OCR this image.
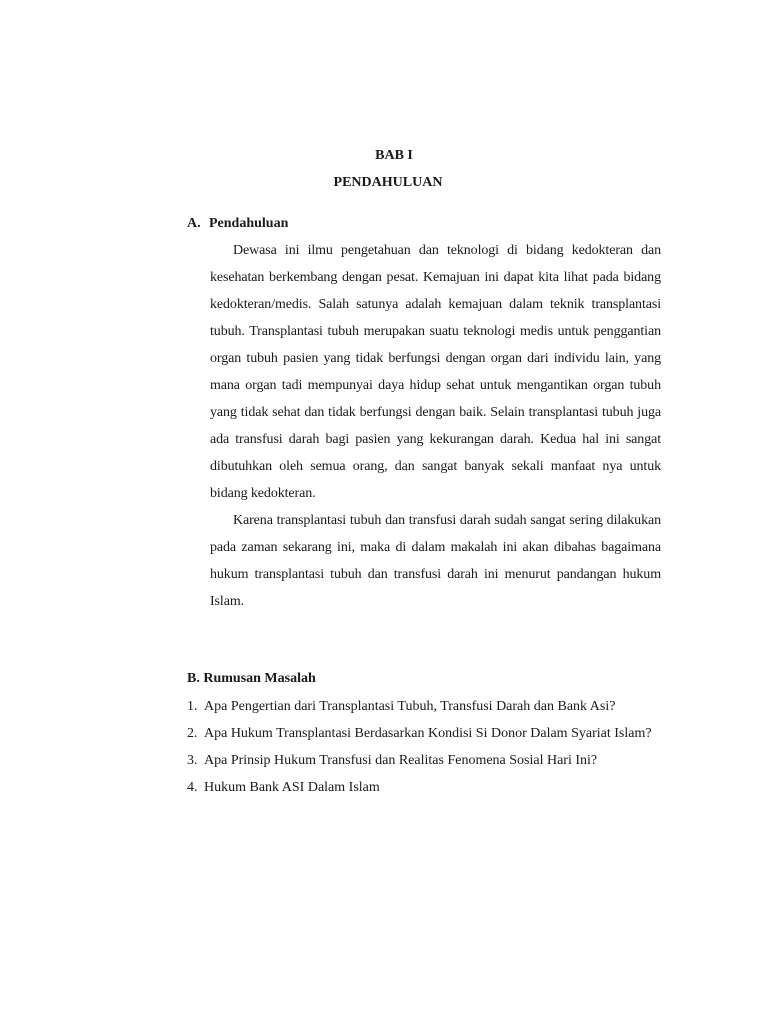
BAB I
PENDAHULUAN
A. Pendahuluan

Dewasa ini ilmu pengetahuan dan teknologi di bidang kedokteran dan kesehatan berkembang dengan pesat. Kemajuan ini dapat kita lihat pada bidang kedokteran/medis. Salah satunya adalah kemajuan dalam teknik transplantasi tubuh. Transplantasi tubuh merupakan suatu teknologi medis untuk penggantian organ tubuh pasien yang tidak berfungsi dengan organ dari individu lain, yang mana organ tadi mempunyai daya hidup sehat untuk mengantikan organ tubuh yang tidak sehat dan tidak berfungsi dengan baik. Selain transplantasi tubuh juga ada transfusi darah bagi pasien yang kekurangan darah. Kedua hal ini sangat dibutuhkan oleh semua orang, dan sangat banyak sekali manfaat nya untuk bidang kedokteran.

Karena transplantasi tubuh dan transfusi darah sudah sangat sering dilakukan pada zaman sekarang ini, maka di dalam makalah ini akan dibahas bagaimana hukum transplantasi tubuh dan transfusi darah ini menurut pandangan hukum Islam.

B. Rumusan Masalah
1. Apa Pengertian dari Transplantasi Tubuh, Transfusi Darah dan Bank Asi?
2. Apa Hukum Transplantasi Berdasarkan Kondisi Si Donor Dalam Syariat Islam?
3. Apa Prinsip Hukum Transfusi dan Realitas Fenomena Sosial Hari Ini?
4. Hukum Bank ASI Dalam Islam
